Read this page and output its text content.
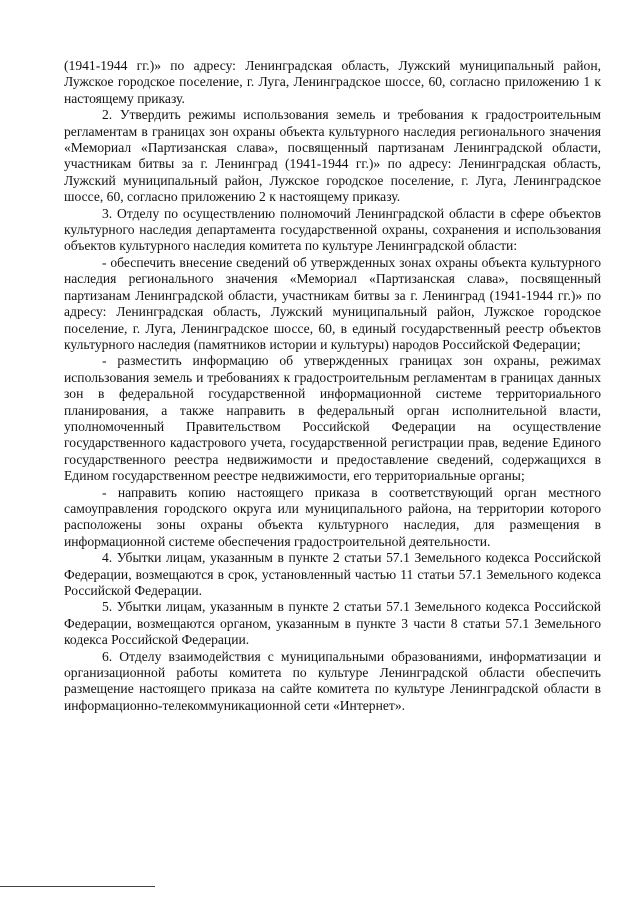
(1941-1944 гг.)» по адресу: Ленинградская область, Лужский муниципальный район, Лужское городское поселение, г. Луга, Ленинградское шоссе, 60, согласно приложению 1 к настоящему приказу.

2. Утвердить режимы использования земель и требования к градостроительным регламентам в границах зон охраны объекта культурного наследия регионального значения «Мемориал «Партизанская слава», посвященный партизанам Ленинградской области, участникам битвы за г. Ленинград (1941-1944 гг.)» по адресу: Ленинградская область, Лужский муниципальный район, Лужское городское поселение, г. Луга, Ленинградское шоссе, 60, согласно приложению 2 к настоящему приказу.

3. Отделу по осуществлению полномочий Ленинградской области в сфере объектов культурного наследия департамента государственной охраны, сохранения и использования объектов культурного наследия комитета по культуре Ленинградской области:

- обеспечить внесение сведений об утвержденных зонах охраны объекта культурного наследия регионального значения «Мемориал «Партизанская слава», посвященный партизанам Ленинградской области, участникам битвы за г. Ленинград (1941-1944 гг.)» по адресу: Ленинградская область, Лужский муниципальный район, Лужское городское поселение, г. Луга, Ленинградское шоссе, 60, в единый государственный реестр объектов культурного наследия (памятников истории и культуры) народов Российской Федерации;

- разместить информацию об утвержденных границах зон охраны, режимах использования земель и требованиях к градостроительным регламентам в границах данных зон в федеральной государственной информационной системе территориального планирования, а также направить в федеральный орган исполнительной власти, уполномоченный Правительством Российской Федерации на осуществление государственного кадастрового учета, государственной регистрации прав, ведение Единого государственного реестра недвижимости и предоставление сведений, содержащихся в Едином государственном реестре недвижимости, его территориальные органы;

- направить копию настоящего приказа в соответствующий орган местного самоуправления городского округа или муниципального района, на территории которого расположены зоны охраны объекта культурного наследия, для размещения в информационной системе обеспечения градостроительной деятельности.

4. Убытки лицам, указанным в пункте 2 статьи 57.1 Земельного кодекса Российской Федерации, возмещаются в срок, установленный частью 11 статьи 57.1 Земельного кодекса Российской Федерации.

5. Убытки лицам, указанным в пункте 2 статьи 57.1 Земельного кодекса Российской Федерации, возмещаются органом, указанным в пункте 3 части 8 статьи 57.1 Земельного кодекса Российской Федерации.

6. Отделу взаимодействия с муниципальными образованиями, информатизации и организационной работы комитета по культуре Ленинградской области обеспечить размещение настоящего приказа на сайте комитета по культуре Ленинградской области в информационно-телекоммуникационной сети «Интернет».
